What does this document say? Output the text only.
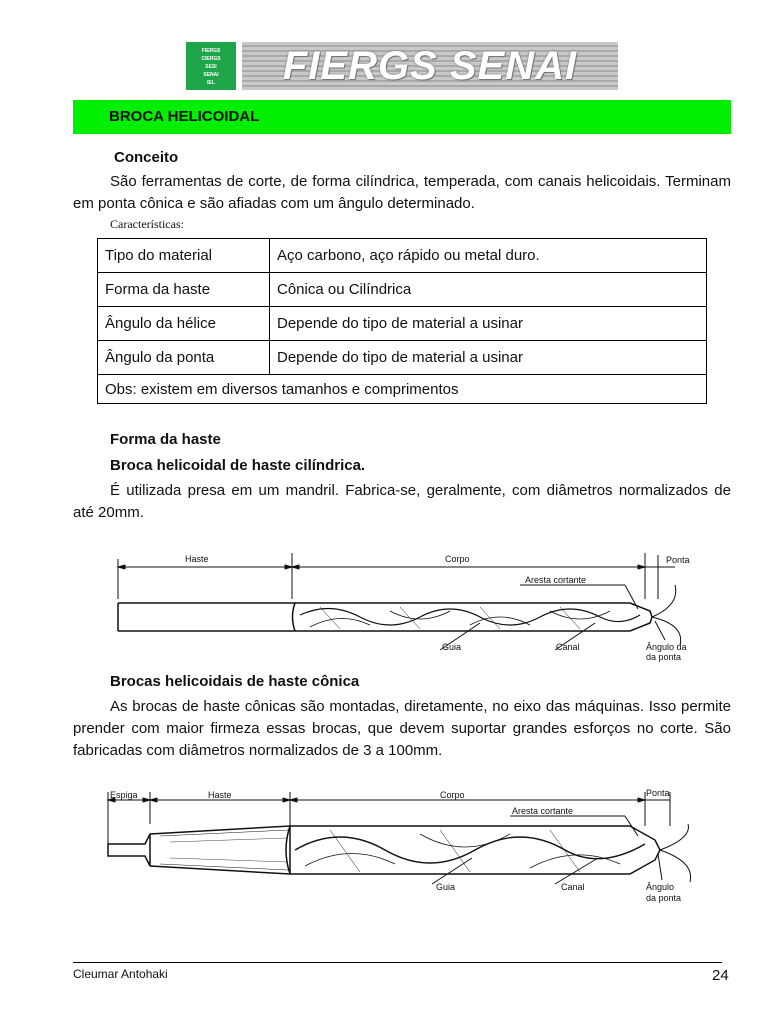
FIERGS
CIERGS
SESI
SENAI
IEL	FIERGS SENAI
BROCA HELICOIDAL
Conceito
São ferramentas de corte, de forma cilíndrica, temperada, com canais helicoidais. Terminam em ponta cônica e são afiadas com um ângulo determinado.
Características:
Tipo do material	Aço carbono, aço rápido ou metal duro.
Forma da haste	Cônica ou Cilíndrica
Ângulo da hélice	Depende do tipo de material a usinar
Ângulo da ponta	Depende do tipo de material a usinar
Obs: existem em diversos tamanhos e comprimentos	
Forma da haste
Broca helicoidal de haste cilíndrica.
É utilizada presa em um mandril. Fabrica-se, geralmente, com diâmetros normalizados de até 20mm.
Haste	Corpo	Ponta
Aresta cortante
Guia	Canal	Ângulo da
da ponta
Brocas helicoidais de haste cônica
As brocas de haste cônicas são montadas, diretamente, no eixo das máquinas. Isso permite prender com maior firmeza essas brocas, que devem suportar grandes esforços no corte. São fabricadas com diâmetros normalizados de 3 a 100mm.
Espiga	Haste	Corpo	Ponta
Aresta cortante
Guia	Canal	Ângulo
da ponta
Cleumar Antohaki	24
